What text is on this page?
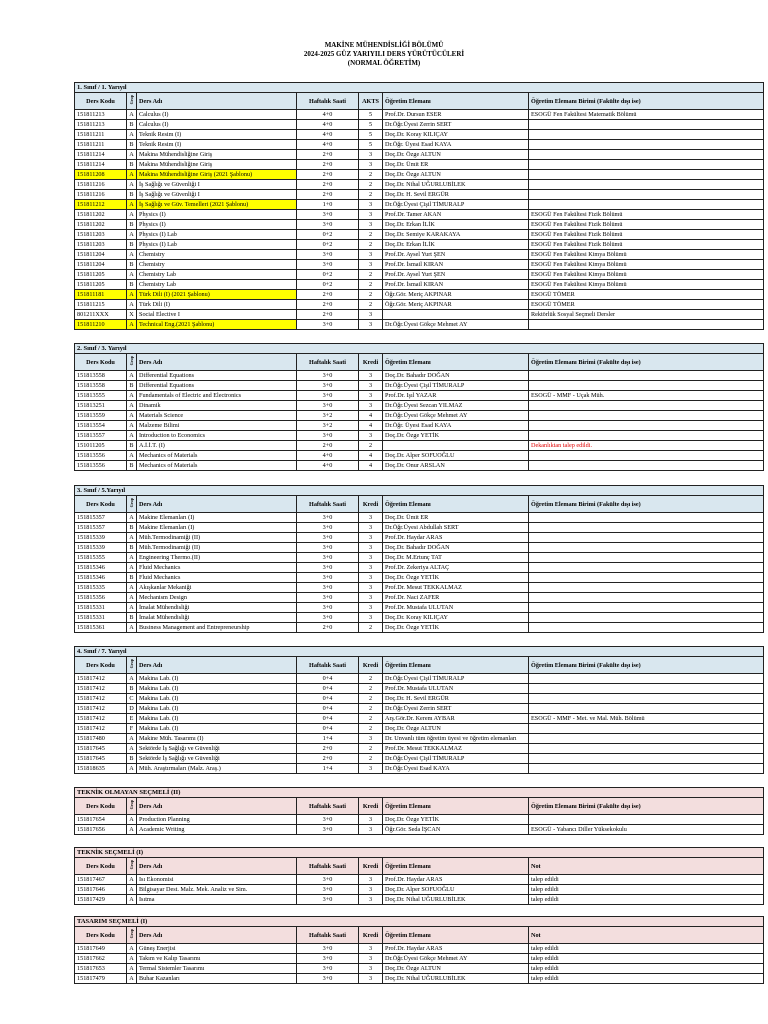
MAKİNE MÜHENDİSLİĞİ BÖLÜMÜ
2024-2025 GÜZ YARIYILI DERS YÜRÜTÜCÜLERİ
(NORMAL ÖĞRETİM)
1. Sınıf / 1. Yarıyıl						
Ders Kodu	Grup	Ders Adı	Haftalık Saati	AKTS	Öğretim Elemanı	Öğretim Elemanı Birimi (Fakülte dışı ise)
151811213	A	Calculus (I)	4+0	5	Prof.Dr. Dursun ESER	ESOGÜ Fen Fakültesi Matematik Bölümü
151811213	B	Calculus (I)	4+0	5	Dr.Öğr.Üyesi Zerrin SERT	
151811211	A	Teknik Resim (I)	4+0	5	Doç.Dr. Koray KILIÇAY	
151811211	B	Teknik Resim (I)	4+0	5	Dr.Öğr. Üyesi Esad KAYA	
151811214	A	Makina Mühendisliğine Giriş	2+0	3	Doç.Dr. Özge ALTUN	
151811214	B	Makina Mühendisliğine Giriş	2+0	3	Doç.Dr. Ümit ER	
151811208	A	Makina Mühendisliğine Giriş (2021 Şablonu)	2+0	2	Doç.Dr. Özge ALTUN	
151811216	A	İş Sağlığı ve Güvenliği I	2+0	2	Doç.Dr. Nihal UĞURLUBİLEK	
151811216	B	İş Sağlığı ve Güvenliği I	2+0	2	Doç.Dr. H. Sevil ERGÜR	
151811212	A	İş Sağlığı ve Güv. Temelleri (2021 Şablonu)	1+0	3	Dr.Öğr.Üyesi Çişil TİMURALP	
151811202	A	Physics (I)	3+0	3	Prof.Dr. Tamer AKAN	ESOGÜ Fen Fakültesi Fizik Bölümü
151811202	B	Physics (I)	3+0	3	Doç.Dr. Erkan İLİK	ESOGÜ Fen Fakültesi Fizik Bölümü
151811203	A	Physics (I) Lab	0+2	2	Doç.Dr. Semiye KARAKAYA	ESOGÜ Fen Fakültesi Fizik Bölümü
151811203	B	Physics (I) Lab	0+2	2	Doç.Dr. Erkan İLİK	ESOGÜ Fen Fakültesi Fizik Bölümü
151811204	A	Chemistry	3+0	3	Prof.Dr. Aysel Yurt ŞEN	ESOGÜ Fen Fakültesi Kimya Bölümü
151811204	B	Chemistry	3+0	3	Prof.Dr. İsmail KIRAN	ESOGÜ Fen Fakültesi Kimya Bölümü
151811205	A	Chemistry Lab	0+2	2	Prof.Dr. Aysel Yurt ŞEN	ESOGÜ Fen Fakültesi Kimya Bölümü
151811205	B	Chemistry Lab	0+2	2	Prof.Dr. İsmail KIRAN	ESOGÜ Fen Fakültesi Kimya Bölümü
151811181	A	Türk Dili (I) (2021 Şablonu)	2+0	2	Öğr.Gör. Meriç AKPINAR	ESOGÜ TÖMER
151811215	A	Türk Dili (I)	2+0	2	Öğr.Gör. Meriç AKPINAR	ESOGÜ TÖMER
801211XXX	X	Social Elective I	2+0	3		Rektörlük Sosyal Seçmeli Dersler
151811210	A	Technical Eng.(2021 Şablonu)	3+0	3	Dr.Öğr.Üyesi Gökçe Mehmet AY	
2. Sınıf / 3. Yarıyıl						
Ders Kodu	Grup	Ders Adı	Haftalık Saati	Kredi	Öğretim Elemanı	Öğretim Elemanı Birimi (Fakülte dışı ise)
151813558	A	Differential Equations	3+0	3	Doç.Dr. Bahadır DOĞAN	
151813558	B	Differential Equations	3+0	3	Dr.Öğr.Üyesi Çişil TİMURALP	
151813555	A	Fundamentals of Electric and Electronics	3+0	3	Prof.Dr. Işıl YAZAR	ESOGÜ - MMF - Uçak Müh.
151813251	A	Dinamik	3+0	3	Dr.Öğr.Üyesi Sezcan YILMAZ	
151813559	A	Materials Science	3+2	4	Dr.Öğr.Üyesi Gökçe Mehmet AY	
151813554	A	Malzeme Bilimi	3+2	4	Dr.Öğr. Üyesi Esad KAYA	
151813557	A	Introduction to Economics	3+0	3	Doç.Dr. Özge YETİK	
151011205	B	A.İ.İ.T. (I)	2+0	2		Dekanlıktan talep edildi.
151813556	A	Mechanics of Materials	4+0	4	Doç.Dr. Alper SOFUOĞLU	
151813556	B	Mechanics of Materials	4+0	4	Doç.Dr. Onur ARSLAN	
3. Sınıf / 5.Yarıyıl						
Ders Kodu	Grup	Ders Adı	Haftalık Saati	Kredi	Öğretim Elemanı	Öğretim Elemanı Birimi (Fakülte dışı ise)
151815357	A	Makine Elemanları (I)	3+0	3	Doç.Dr. Ümit ER	
151815357	B	Makine Elemanları (I)	3+0	3	Dr.Öğr.Üyesi Abdullah SERT	
151815339	A	Müh.Termodinamiği (II)	3+0	3	Prof.Dr. Haydar ARAS	
151815339	B	Müh.Termodinamiği (II)	3+0	3	Doç.Dr. Bahadır DOĞAN	
151815355	A	Engineering Thermo.(II)	3+0	3	Doç.Dr. M.Ertunç TAT	
151815346	A	Fluid Mechanics	3+0	3	Prof.Dr. Zekeriya ALTAÇ	
151815346	B	Fluid Mechanics	3+0	3	Doç.Dr. Özge YETİK	
151815335	A	Akışkanlar Mekaniği	3+0	3	Prof.Dr. Mesut TEKKALMAZ	
151815356	A	Mechanism Design	3+0	3	Prof.Dr. Naci ZAFER	
151815331	A	İmalat Mühendisliği	3+0	3	Prof.Dr. Mustafa ULUTAN	
151815331	B	İmalat Mühendisliği	3+0	3	Doç.Dr. Koray KILIÇAY	
151815361	A	Business Management and Entrepreneurship	2+0	2	Doç.Dr. Özge YETİK	
4. Sınıf / 7. Yarıyıl						
Ders Kodu	Grup	Ders Adı	Haftalık Saati	Kredi	Öğretim Elemanı	Öğretim Elemanı Birimi (Fakülte dışı ise)
151817412	A	Makina Lab. (I)	0+4	2	Dr.Öğr.Üyesi Çişil TİMURALP	
151817412	B	Makina Lab. (I)	0+4	2	Prof.Dr. Mustafa ULUTAN	
151817412	C	Makina Lab. (I)	0+4	2	Doç.Dr. H. Sevil ERGÜR	
151817412	D	Makina Lab. (I)	0+4	2	Dr.Öğr.Üyesi Zerrin SERT	
151817412	E	Makina Lab. (I)	0+4	2	Arş.Gör.Dr. Kerem AYBAR	ESOGÜ - MMF - Met. ve Mal. Müh. Bölümü
151817412	F	Makina Lab. (I)	0+4	2	Doç.Dr. Özge ALTUN	
151817480	A	Makine Müh. Tasarımı (I)	1+4	3	Dr. Unvanlı tüm öğretim üyesi ve öğretim elemanları	
151817645	A	Sektörde İş Sağlığı ve Güvenliği	2+0	2	Prof.Dr. Mesut TEKKALMAZ	
151817645	B	Sektörde İş Sağlığı ve Güvenliği	2+0	2	Dr.Öğr.Üyesi Çişil TİMURALP	
151818635	A	Müh. Araştırmaları (Malz. Araş.)	1+4	3	Dr.Öğr.Üyesi Esad KAYA	
TEKNİK OLMAYAN SEÇMELİ (II)						
Ders Kodu	Grup	Ders Adı	Haftalık Saati	Kredi	Öğretim Elemanı	Öğretim Elemanı Birimi (Fakülte dışı ise)
151817654	A	Production Planning	3+0	3	Doç.Dr. Özge YETİK	
151817656	A	Academic Writing	3+0	3	Öğr.Gör. Seda İŞCAN	ESOGÜ - Yabancı Diller Yüksekokulu
TEKNİK SEÇMELİ (I)						
Ders Kodu	Grup	Ders Adı	Haftalık Saati	Kredi	Öğretim Elemanı	Not
151817467	A	Isı Ekonomisi	3+0	3	Prof.Dr. Haydar ARAS	talep edildi
151817646	A	Bilgisayar Dest. Malz. Mek. Analiz ve Sim.	3+0	3	Doç.Dr. Alper SOFUOĞLU	talep edildi
151817429	A	Isıtma	3+0	3	Doç.Dr. Nihal UĞURLUBİLEK	talep edildi
TASARIM SEÇMELİ (I)						
Ders Kodu	Grup	Ders Adı	Haftalık Saati	Kredi	Öğretim Elemanı	Not
151817649	A	Güneş Enerjisi	3+0	3	Prof.Dr. Haydar ARAS	talep edildi
151817662	A	Takım ve Kalıp Tasarımı	3+0	3	Dr.Öğr.Üyesi Gökçe Mehmet AY	talep edildi
151817653	A	Termal Sistemler Tasarımı	3+0	3	Doç.Dr. Özge ALTUN	talep edildi
151817479	A	Buhar Kazanları	3+0	3	Doç.Dr. Nihal UĞURLUBİLEK	talep edildi
